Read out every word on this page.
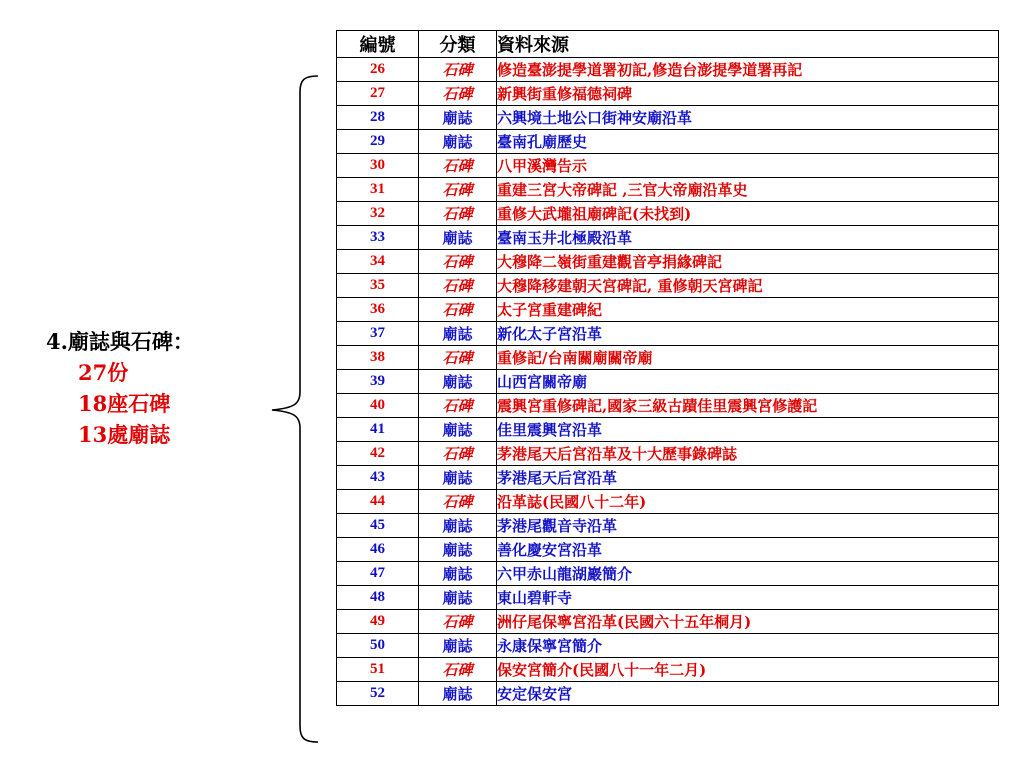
4.廟誌與石碑：
27份
18座石碑
13處廟誌
編號	分類	資料來源
26	石碑	修造臺澎提學道署初記,修造台澎提學道署再記
27	石碑	新興街重修福德祠碑
28	廟誌	六興境土地公口街神安廟沿革
29	廟誌	臺南孔廟歷史
30	石碑	八甲溪灣告示
31	石碑	重建三宮大帝碑記 ,三官大帝廟沿革史
32	石碑	重修大武壠祖廟碑記(未找到)
33	廟誌	臺南玉井北極殿沿革
34	石碑	大穆降二嶺街重建觀音亭捐緣碑記
35	石碑	大穆降移建朝天宮碑記, 重修朝天宮碑記
36	石碑	太子宮重建碑紀
37	廟誌	新化太子宮沿革
38	石碑	重修記/台南關廟關帝廟
39	廟誌	山西宮關帝廟
40	石碑	震興宮重修碑記,國家三級古蹟佳里震興宮修護記
41	廟誌	佳里震興宮沿革
42	石碑	茅港尾天后宮沿革及十大歷事錄碑誌
43	廟誌	茅港尾天后宮沿革
44	石碑	沿革誌(民國八十二年)
45	廟誌	茅港尾觀音寺沿革
46	廟誌	善化慶安宮沿革
47	廟誌	六甲赤山龍湖巖簡介
48	廟誌	東山碧軒寺
49	石碑	洲仔尾保寧宮沿革(民國六十五年桐月)
50	廟誌	永康保寧宮簡介
51	石碑	保安宮簡介(民國八十一年二月)
52	廟誌	安定保安宮
